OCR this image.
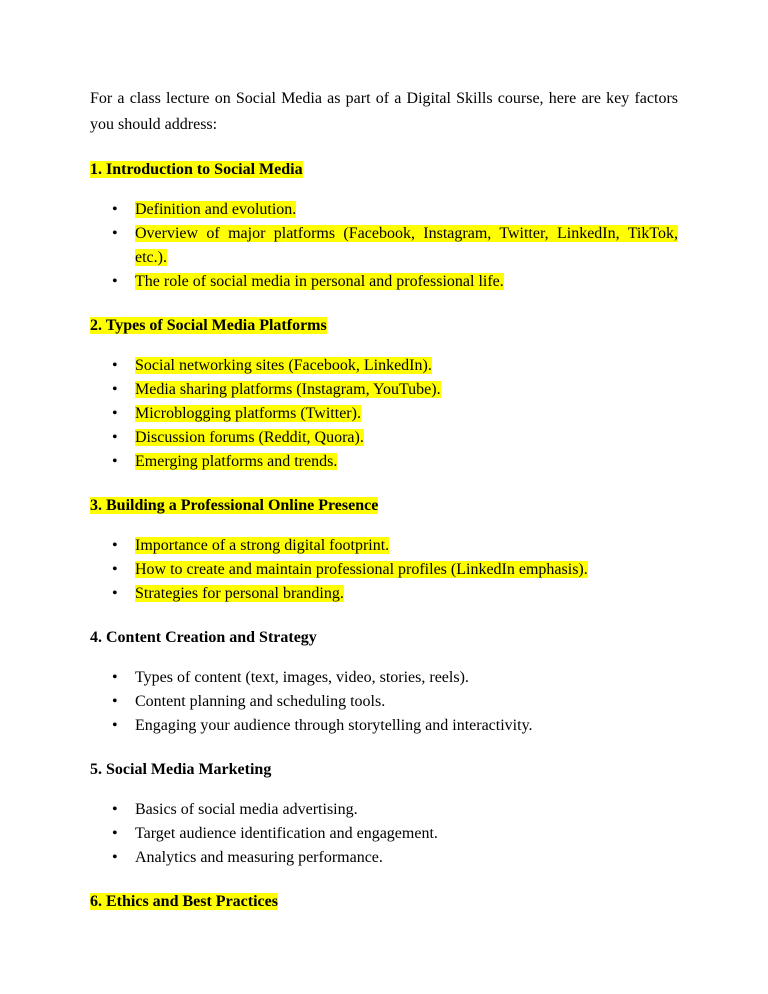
For a class lecture on Social Media as part of a Digital Skills course, here are key factors you should address:

1. Introduction to Social Media

• Definition and evolution.
• Overview of major platforms (Facebook, Instagram, Twitter, LinkedIn, TikTok, etc.).
• The role of social media in personal and professional life.

2. Types of Social Media Platforms

• Social networking sites (Facebook, LinkedIn).
• Media sharing platforms (Instagram, YouTube).
• Microblogging platforms (Twitter).
• Discussion forums (Reddit, Quora).
• Emerging platforms and trends.

3. Building a Professional Online Presence

• Importance of a strong digital footprint.
• How to create and maintain professional profiles (LinkedIn emphasis).
• Strategies for personal branding.

4. Content Creation and Strategy

• Types of content (text, images, video, stories, reels).
• Content planning and scheduling tools.
• Engaging your audience through storytelling and interactivity.

5. Social Media Marketing

• Basics of social media advertising.
• Target audience identification and engagement.
• Analytics and measuring performance.

6. Ethics and Best Practices
